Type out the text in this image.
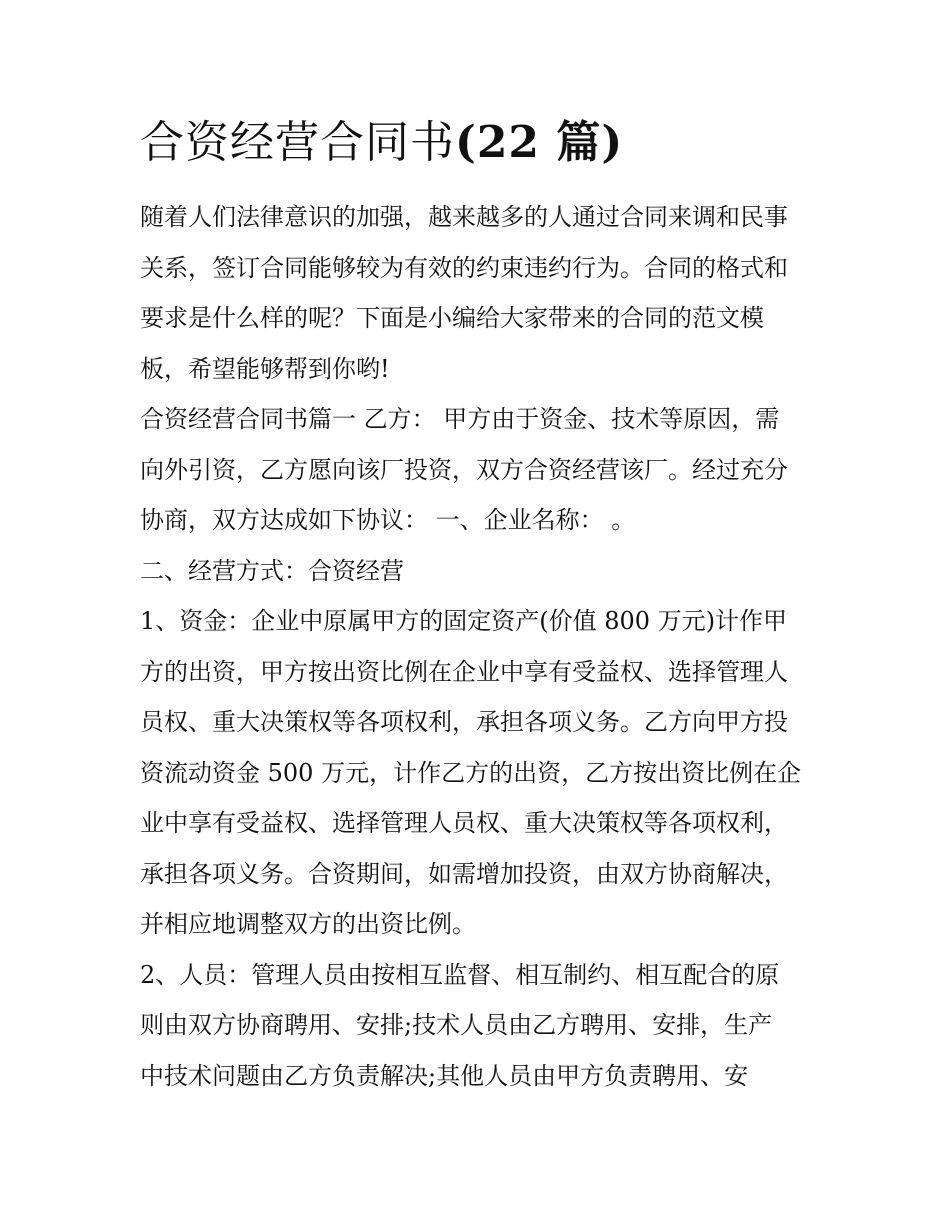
合资经营合同书(22 篇)

随着人们法律意识的加强，越来越多的人通过合同来调和民事

关系，签订合同能够较为有效的约束违约行为。合同的格式和

要求是什么样的呢？下面是小编给大家带来的合同的范文模

板，希望能够帮到你哟!

合资经营合同书篇一 乙方： 甲方由于资金、技术等原因，需

向外引资，乙方愿向该厂投资，双方合资经营该厂。经过充分

协商，双方达成如下协议： 一、企业名称： 。

二、经营方式：合资经营

1、资金：企业中原属甲方的固定资产(价值 800 万元)计作甲

方的出资，甲方按出资比例在企业中享有受益权、选择管理人

员权、重大决策权等各项权利，承担各项义务。乙方向甲方投

资流动资金 500 万元，计作乙方的出资，乙方按出资比例在企

业中享有受益权、选择管理人员权、重大决策权等各项权利，

承担各项义务。合资期间，如需增加投资，由双方协商解决，

并相应地调整双方的出资比例。

2、人员：管理人员由按相互监督、相互制约、相互配合的原

则由双方协商聘用、安排;技术人员由乙方聘用、安排，生产

中技术问题由乙方负责解决;其他人员由甲方负责聘用、安
